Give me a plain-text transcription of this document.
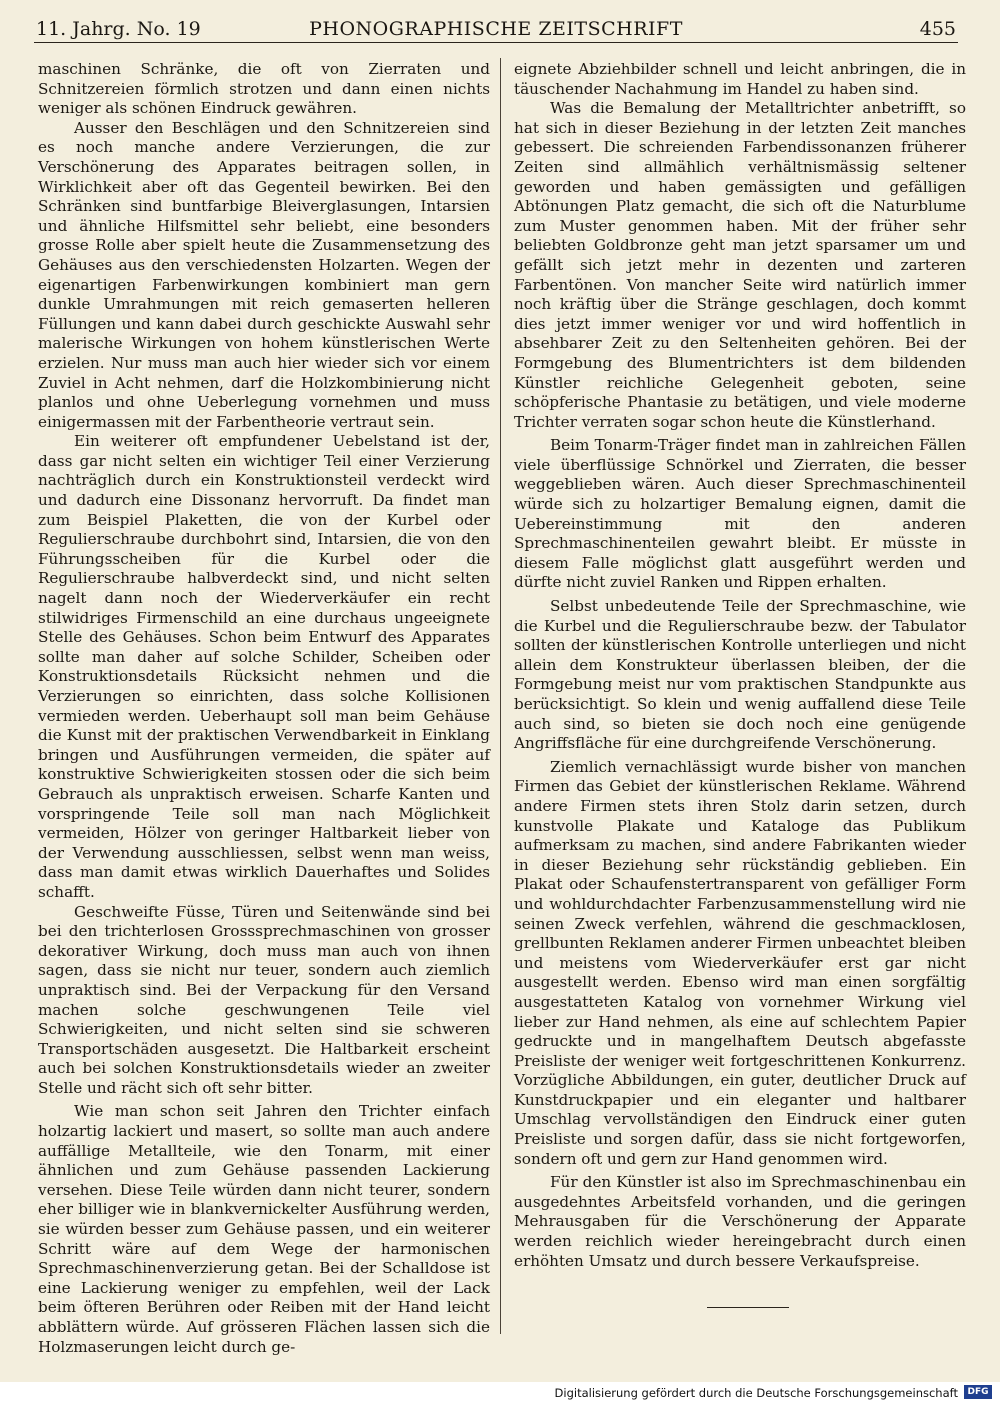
11. Jahrg. No. 19	PHONOGRAPHISCHE ZEITSCHRIFT	455

maschinen Schränke, die oft von Zierraten und Schnitzereien förmlich strotzen und dann einen nichts weniger als schönen Eindruck gewähren.

Ausser den Beschlägen und den Schnitzereien sind es noch manche andere Verzierungen, die zur Verschönerung des Apparates beitragen sollen, in Wirklichkeit aber oft das Gegenteil bewirken. Bei den Schränken sind buntfarbige Bleiverglasungen, Intarsien und ähnliche Hilfsmittel sehr beliebt, eine besonders grosse Rolle aber spielt heute die Zusammensetzung des Gehäuses aus den verschiedensten Holzarten. Wegen der eigenartigen Farbenwirkungen kombiniert man gern dunkle Umrahmungen mit reich gemaserten helleren Füllungen und kann dabei durch geschickte Auswahl sehr malerische Wirkungen von hohem künstlerischen Werte erzielen. Nur muss man auch hier wieder sich vor einem Zuviel in Acht nehmen, darf die Holzkombinierung nicht planlos und ohne Ueberlegung vornehmen und muss einigermassen mit der Farbentheorie vertraut sein.

Ein weiterer oft empfundener Uebelstand ist der, dass gar nicht selten ein wichtiger Teil einer Verzierung nachträglich durch ein Konstruktionsteil verdeckt wird und dadurch eine Dissonanz hervorruft. Da findet man zum Beispiel Plaketten, die von der Kurbel oder Regulierschraube durchbohrt sind, Intarsien, die von den Führungsscheiben für die Kurbel oder die Regulierschraube halbverdeckt sind, und nicht selten nagelt dann noch der Wiederverkäufer ein recht stilwidriges Firmenschild an eine durchaus ungeeignete Stelle des Gehäuses. Schon beim Entwurf des Apparates sollte man daher auf solche Schilder, Scheiben oder Konstruktionsdetails Rücksicht nehmen und die Verzierungen so einrichten, dass solche Kollisionen vermieden werden. Ueberhaupt soll man beim Gehäuse die Kunst mit der praktischen Verwendbarkeit in Einklang bringen und Ausführungen vermeiden, die später auf konstruktive Schwierigkeiten stossen oder die sich beim Gebrauch als unpraktisch erweisen. Scharfe Kanten und vorspringende Teile soll man nach Möglichkeit vermeiden, Hölzer von geringer Haltbarkeit lieber von der Verwendung ausschliessen, selbst wenn man weiss, dass man damit etwas wirklich Dauerhaftes und Solides schafft.

Geschweifte Füsse, Türen und Seitenwände sind bei bei den trichterlosen Grosssprechmaschinen von grosser dekorativer Wirkung, doch muss man auch von ihnen sagen, dass sie nicht nur teuer, sondern auch ziemlich unpraktisch sind. Bei der Verpackung für den Versand machen solche geschwungenen Teile viel Schwierigkeiten, und nicht selten sind sie schweren Transportschäden ausgesetzt. Die Haltbarkeit erscheint auch bei solchen Konstruktionsdetails wieder an zweiter Stelle und rächt sich oft sehr bitter.

Wie man schon seit Jahren den Trichter einfach holzartig lackiert und masert, so sollte man auch andere auffällige Metallteile, wie den Tonarm, mit einer ähnlichen und zum Gehäuse passenden Lackierung versehen. Diese Teile würden dann nicht teurer, sondern eher billiger wie in blankvernickelter Ausführung werden, sie würden besser zum Gehäuse passen, und ein weiterer Schritt wäre auf dem Wege der harmonischen Sprechmaschinenverzierung getan. Bei der Schalldose ist eine Lackierung weniger zu empfehlen, weil der Lack beim öfteren Berühren oder Reiben mit der Hand leicht abblättern würde. Auf grösseren Flächen lassen sich die Holzmaserungen leicht durch ge-

eignete Abziehbilder schnell und leicht anbringen, die in täuschender Nachahmung im Handel zu haben sind.

Was die Bemalung der Metalltrichter anbetrifft, so hat sich in dieser Beziehung in der letzten Zeit manches gebessert. Die schreienden Farbendissonanzen früherer Zeiten sind allmählich verhältnismässig seltener geworden und haben gemässigten und gefälligen Abtönungen Platz gemacht, die sich oft die Naturblume zum Muster genommen haben. Mit der früher sehr beliebten Goldbronze geht man jetzt sparsamer um und gefällt sich jetzt mehr in dezenten und zarteren Farbentönen. Von mancher Seite wird natürlich immer noch kräftig über die Stränge geschlagen, doch kommt dies jetzt immer weniger vor und wird hoffentlich in absehbarer Zeit zu den Seltenheiten gehören. Bei der Formgebung des Blumentrichters ist dem bildenden Künstler reichliche Gelegenheit geboten, seine schöpferische Phantasie zu betätigen, und viele moderne Trichter verraten sogar schon heute die Künstlerhand.

Beim Tonarm-Träger findet man in zahlreichen Fällen viele überflüssige Schnörkel und Zierraten, die besser weggeblieben wären. Auch dieser Sprechmaschinenteil würde sich zu holzartiger Bemalung eignen, damit die Uebereinstimmung mit den anderen Sprechmaschinenteilen gewahrt bleibt. Er müsste in diesem Falle möglichst glatt ausgeführt werden und dürfte nicht zuviel Ranken und Rippen erhalten.

Selbst unbedeutende Teile der Sprechmaschine, wie die Kurbel und die Regulierschraube bezw. der Tabulator sollten der künstlerischen Kontrolle unterliegen und nicht allein dem Konstrukteur überlassen bleiben, der die Formgebung meist nur vom praktischen Standpunkte aus berücksichtigt. So klein und wenig auffallend diese Teile auch sind, so bieten sie doch noch eine genügende Angriffsfläche für eine durchgreifende Verschönerung.

Ziemlich vernachlässigt wurde bisher von manchen Firmen das Gebiet der künstlerischen Reklame. Während andere Firmen stets ihren Stolz darin setzen, durch kunstvolle Plakate und Kataloge das Publikum aufmerksam zu machen, sind andere Fabrikanten wieder in dieser Beziehung sehr rückständig geblieben. Ein Plakat oder Schaufenstertransparent von gefälliger Form und wohldurchdachter Farbenzusammenstellung wird nie seinen Zweck verfehlen, während die geschmacklosen, grellbunten Reklamen anderer Firmen unbeachtet bleiben und meistens vom Wiederverkäufer erst gar nicht ausgestellt werden. Ebenso wird man einen sorgfältig ausgestatteten Katalog von vornehmer Wirkung viel lieber zur Hand nehmen, als eine auf schlechtem Papier gedruckte und in mangelhaftem Deutsch abgefasste Preisliste der weniger weit fortgeschrittenen Konkurrenz. Vorzügliche Abbildungen, ein guter, deutlicher Druck auf Kunstdruckpapier und ein eleganter und haltbarer Umschlag vervollständigen den Eindruck einer guten Preisliste und sorgen dafür, dass sie nicht fortgeworfen, sondern oft und gern zur Hand genommen wird.

Für den Künstler ist also im Sprechmaschinenbau ein ausgedehntes Arbeitsfeld vorhanden, und die geringen Mehrausgaben für die Verschönerung der Apparate werden reichlich wieder hereingebracht durch einen erhöhten Umsatz und durch bessere Verkaufspreise.

Digitalisierung gefördert durch die Deutsche Forschungsgemeinschaft	DFG
